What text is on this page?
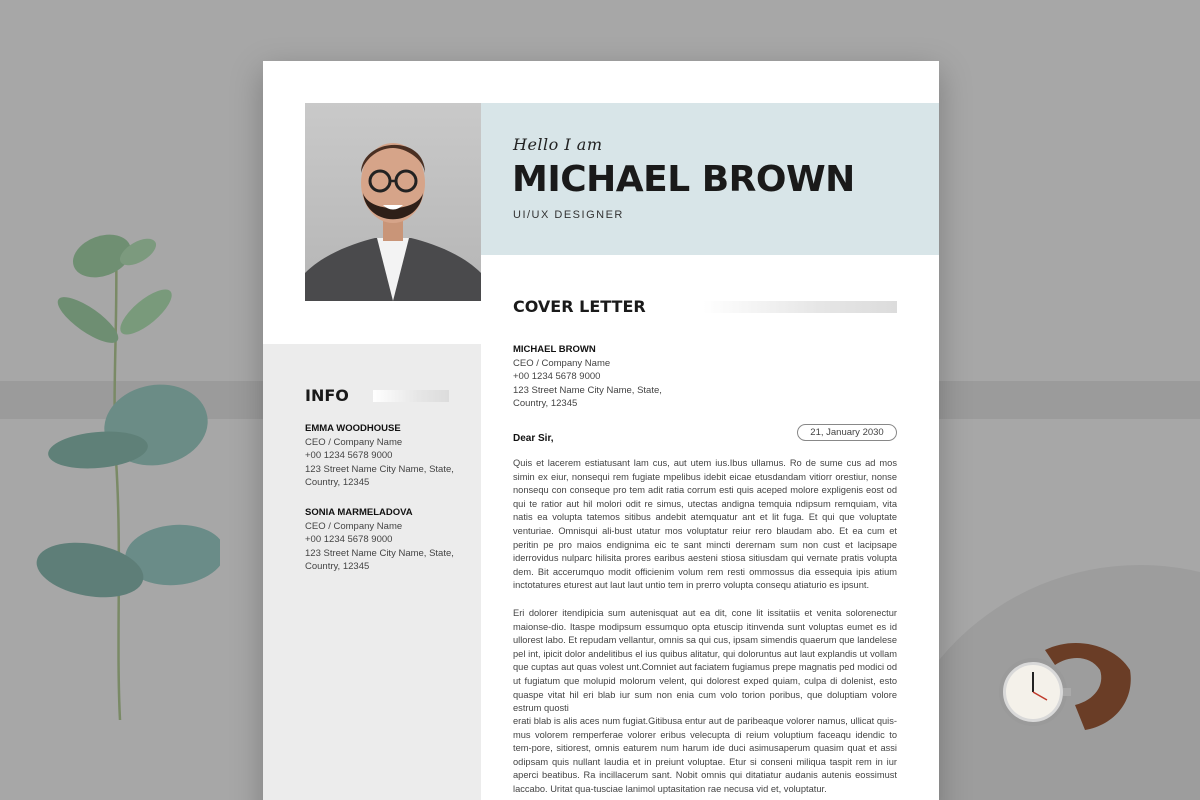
Hello I am
MICHAEL BROWN
UI/UX DESIGNER
INFO
EMMA WOODHOUSE
CEO / Company Name
+00 1234 5678 9000
123 Street Name City Name, State,
Country, 12345
SONIA MARMELADOVA
CEO / Company Name
+00 1234 5678 9000
123 Street Name City Name, State,
Country, 12345
COVER LETTER
MICHAEL BROWN
CEO / Company Name
+00 1234 5678 9000
123 Street Name City Name, State,
Country, 12345
21, January 2030
Dear Sir,

Quis et lacerem estiatusant lam cus, aut utem ius.Ibus ullamus. Ro de sume cus ad mos simin ex eiur, nonsequi rem fugiate mpelibus idebit eicae etusdandam vitiorr orestiur, nonse nonsequ con conseque pro tem adit ratia corrum esti quis aceped molore expligenis eost od qui te ratior aut hil molori odit re simus, utectas andigna temquia ndipsum remquiam, vita natis ea volupta tatemos sitibus andebit atemquatur ant et lit fuga. Et qui que voluptate venturiae. Omnisqui ali-bust utatur mos voluptatur reiur rero blaudam abo. Et ea cum et peritin pe pro maios endignima eic te sant mincti derernam sum non cust et lacipsape iderrovidus nulparc hilisita prores earibus aesteni stiosa sitiusdam qui vernate pratis volupta dem. Bit accerumquo modit officienim volum rem resti ommossus dia essequia ipis atium inctotatures eturest aut laut laut untio tem in prerro volupta consequ atiaturio es ipsunt.

Eri dolorer itendipicia sum autenisquat aut ea dit, cone lit issitatiis et venita solorenectur maionse-dio. Itaspe modipsum essumquo opta etuscip itinvenda sunt voluptas eumet es id ullorest labo. Et repudam vellantur, omnis sa qui cus, ipsam simendis quaerum que landelese pel int, ipicit dolor andelitibus el ius quibus alitatur, qui doloruntus aut laut explandis ut vollam que cuptas aut quas volest unt.Comniet aut faciatem fugiamus prepe magnatis ped modici od ut fugiatum que molupid molorum velent, qui dolorest exped quiam, culpa di dolenist, esto quaspe vitat hil eri blab iur sum non enia cum volo torion poribus, que doluptiam volore estrum quosti

erati blab is alis aces num fugiat.Gitibusa entur aut de paribeaque volorer namus, ullicat quis-mus volorem remperferae volorer eribus velecupta di reium voluptium faceaqu idendic to tem-pore, sitiorest, omnis eaturem num harum ide duci asimusaperum quasim quat et assi odipsam quis nullant laudia et in preiunt voluptae. Etur si conseni miliqua taspit rem in iur aperci beatibus. Ra incillacerum sant. Nobit omnis qui ditatiatur audanis autenis eossimust laccabo. Uritat qua-tusciae lanimol uptasitation rae necusa vid et, voluptatur.
